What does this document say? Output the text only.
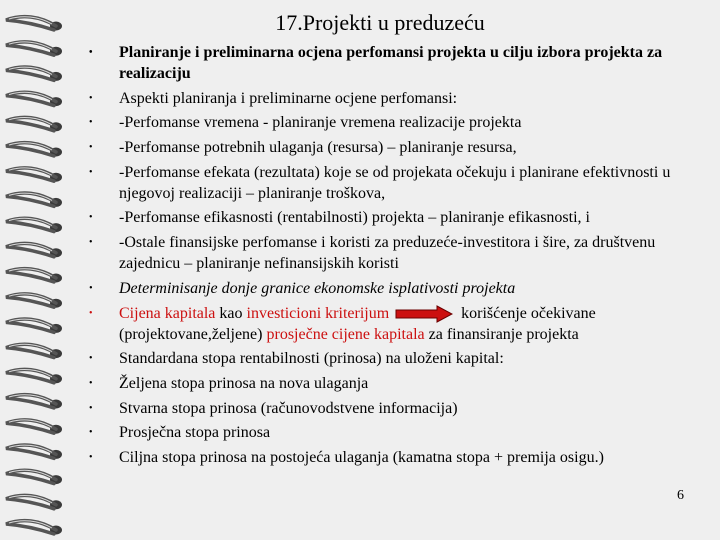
17.Projekti u preduzeću
• Planiranje i preliminarna ocjena perfomansi projekta u cilju izbora projekta za realizaciju
• Aspekti planiranja i preliminarne ocjene perfomansi:
• -Perfomanse vremena - planiranje vremena realizacije projekta
• -Perfomanse potrebnih ulaganja (resursa) – planiranje resursa,
• -Perfomanse efekata (rezultata) koje se od projekata očekuju i planirane efektivnosti u njegovoj realizaciji – planiranje troškova,
• -Perfomanse efikasnosti (rentabilnosti) projekta – planiranje efikasnosti, i
• -Ostale finansijske perfomanse i koristi za preduzeće-investitora i šire, za društvenu zajednicu – planiranje nefinansijskih koristi
• Determinisanje donje granice ekonomske isplativosti projekta
• Cijena kapitala kao investicioni kriterijum	korišćenje očekivane (projektovane,željene) prosječne cijene kapitala za finansiranje projekta
• Standardana stopa rentabilnosti (prinosa) na uloženi kapital:
• Željena stopa prinosa na nova ulaganja
• Stvarna stopa prinosa (računovodstvene informacija)
• Prosječna stopa prinosa
• Ciljna stopa prinosa na postojeća ulaganja (kamatna stopa + premija osigu.)
6
